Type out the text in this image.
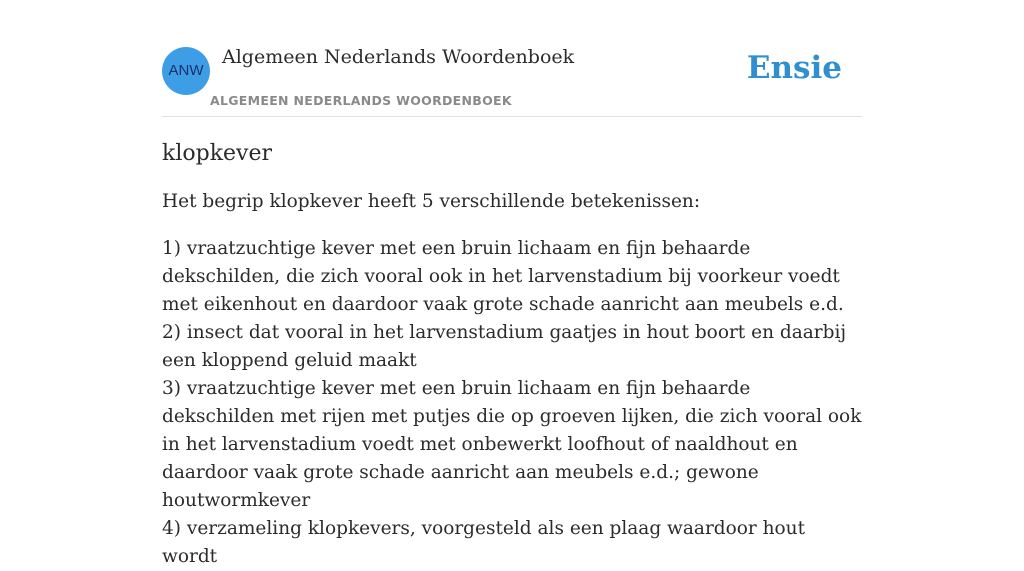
ANW
Algemeen Nederlands Woordenboek
ALGEMEEN NEDERLANDS WOORDENBOEK
Ensie
klopkever

Het begrip klopkever heeft 5 verschillende betekenissen:

1) vraatzuchtige kever met een bruin lichaam en fijn behaarde dekschilden, die zich vooral ook in het larvenstadium bij voorkeur voedt met eikenhout en daardoor vaak grote schade aanricht aan meubels e.d.
2) insect dat vooral in het larvenstadium gaatjes in hout boort en daarbij een kloppend geluid maakt
3) vraatzuchtige kever met een bruin lichaam en fijn behaarde dekschilden met rijen met putjes die op groeven lijken, die zich vooral ook in het larvenstadium voedt met onbewerkt loofhout of naaldhout en daardoor vaak grote schade aanricht aan meubels e.d.; gewone houtwormkever
4) verzameling klopkevers, voorgesteld als een plaag waardoor hout wordt
